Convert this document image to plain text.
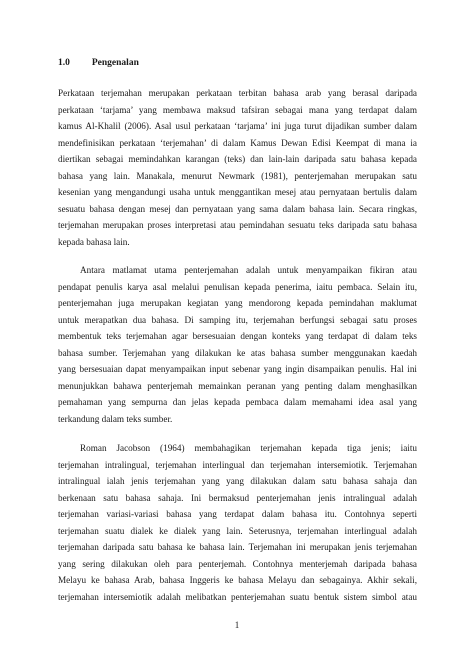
1.0 Pengenalan
Perkataan terjemahan merupakan perkataan terbitan bahasa arab yang berasal daripada
perkataan ‘tarjama’ yang membawa maksud tafsiran sebagai mana yang terdapat dalam
kamus Al-Khalil (2006). Asal usul perkataan ‘tarjama’ ini juga turut dijadikan sumber dalam
mendefinisikan perkataan ‘terjemahan’ di dalam Kamus Dewan Edisi Keempat di mana ia
diertikan sebagai memindahkan karangan (teks) dan lain-lain daripada satu bahasa kepada
bahasa yang lain. Manakala, menurut Newmark (1981), penterjemahan merupakan satu
kesenian yang mengandungi usaha untuk menggantikan mesej atau pernyataan bertulis dalam
sesuatu bahasa dengan mesej dan pernyataan yang sama dalam bahasa lain. Secara ringkas,
terjemahan merupakan proses interpretasi atau pemindahan sesuatu teks daripada satu bahasa
kepada bahasa lain.
Antara matlamat utama penterjemahan adalah untuk menyampaikan fikiran atau
pendapat penulis karya asal melalui penulisan kepada penerima, iaitu pembaca. Selain itu,
penterjemahan juga merupakan kegiatan yang mendorong kepada pemindahan maklumat
untuk merapatkan dua bahasa. Di samping itu, terjemahan berfungsi sebagai satu proses
membentuk teks terjemahan agar bersesuaian dengan konteks yang terdapat di dalam teks
bahasa sumber. Terjemahan yang dilakukan ke atas bahasa sumber menggunakan kaedah
yang bersesuaian dapat menyampaikan input sebenar yang ingin disampaikan penulis. Hal ini
menunjukkan bahawa penterjemah memainkan peranan yang penting dalam menghasilkan
pemahaman yang sempurna dan jelas kepada pembaca dalam memahami idea asal yang
terkandung dalam teks sumber.
Roman Jacobson (1964) membahagikan terjemahan kepada tiga jenis; iaitu
terjemahan intralingual, terjemahan interlingual dan terjemahan intersemiotik. Terjemahan
intralingual ialah jenis terjemahan yang yang dilakukan dalam satu bahasa sahaja dan
berkenaan satu bahasa sahaja. Ini bermaksud penterjemahan jenis intralingual adalah
terjemahan variasi-variasi bahasa yang terdapat dalam bahasa itu. Contohnya seperti
terjemahan suatu dialek ke dialek yang lain. Seterusnya, terjemahan interlingual adalah
terjemahan daripada satu bahasa ke bahasa lain. Terjemahan ini merupakan jenis terjemahan
yang sering dilakukan oleh para penterjemah. Contohnya menterjemah daripada bahasa
Melayu ke bahasa Arab, bahasa Inggeris ke bahasa Melayu dan sebagainya. Akhir sekali,
terjemahan intersemiotik adalah melibatkan penterjemahan suatu bentuk sistem simbol atau
1
